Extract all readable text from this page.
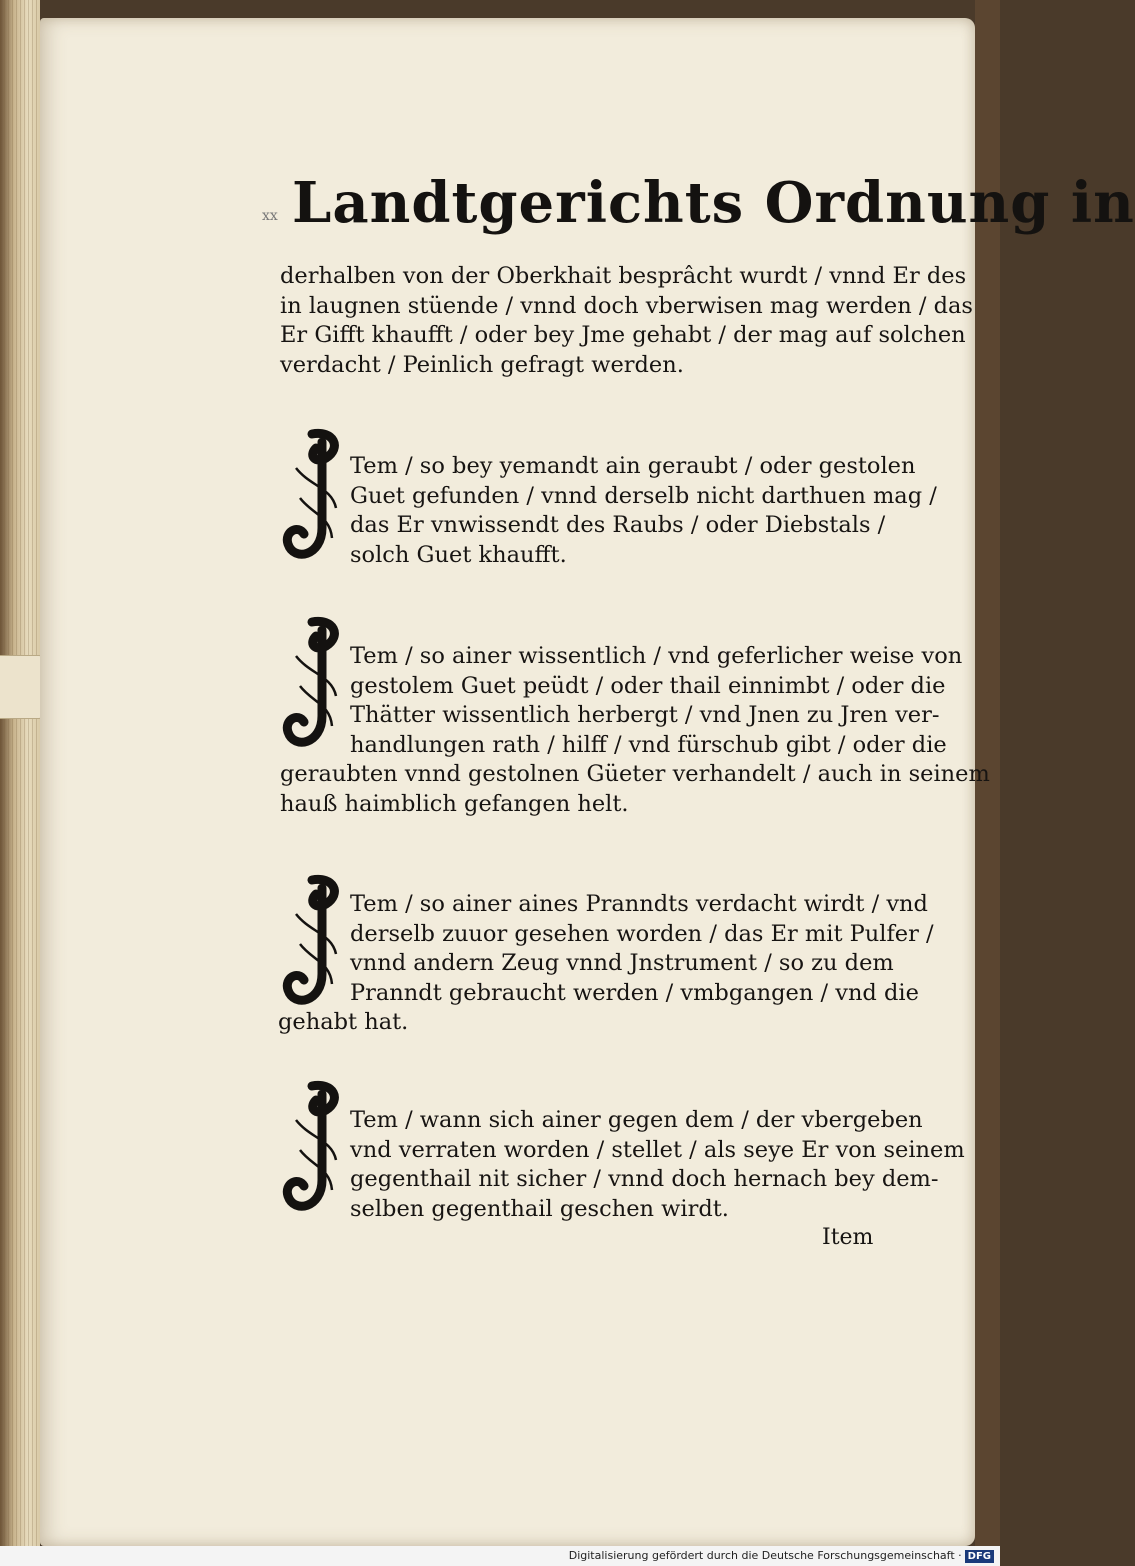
xx Landtgerichts Ordnung in
derhalben von der Oberkhait besprâcht wurdt / vnnd Er des
in laugnen stüende / vnnd doch vberwisen mag werden / das
Er Gifft khaufft / oder bey Jme gehabt / der mag auf solchen
verdacht / Peinlich gefragt werden.
Tem / so bey yemandt ain geraubt / oder gestolen
Guet gefunden / vnnd derselb nicht darthuen mag /
das Er vnwissendt des Raubs / oder Diebstals /
solch Guet khaufft.
Tem / so ainer wissentlich / vnd geferlicher weise von
gestolem Guet peüdt / oder thail einnimbt / oder die
Thätter wissentlich herbergt / vnd Jnen zu Jren ver-
handlungen rath / hilff / vnd fürschub gibt / oder die
geraubten vnnd gestolnen Güeter verhandelt / auch in seinem
hauß haimblich gefangen helt.
Tem / so ainer aines Pranndts verdacht wirdt / vnd
derselb zuuor gesehen worden / das Er mit Pulfer /
vnnd andern Zeug vnnd Jnstrument / so zu dem
Pranndt gebraucht werden / vmbgangen / vnd die
gehabt hat.
Tem / wann sich ainer gegen dem / der vbergeben
vnd verraten worden / stellet / als seye Er von seinem
gegenthail nit sicher / vnnd doch hernach bey dem-
selben gegenthail geschen wirdt.
Item
Digitalisierung gefördert durch die Deutsche Forschungsgemeinschaft · DFG
